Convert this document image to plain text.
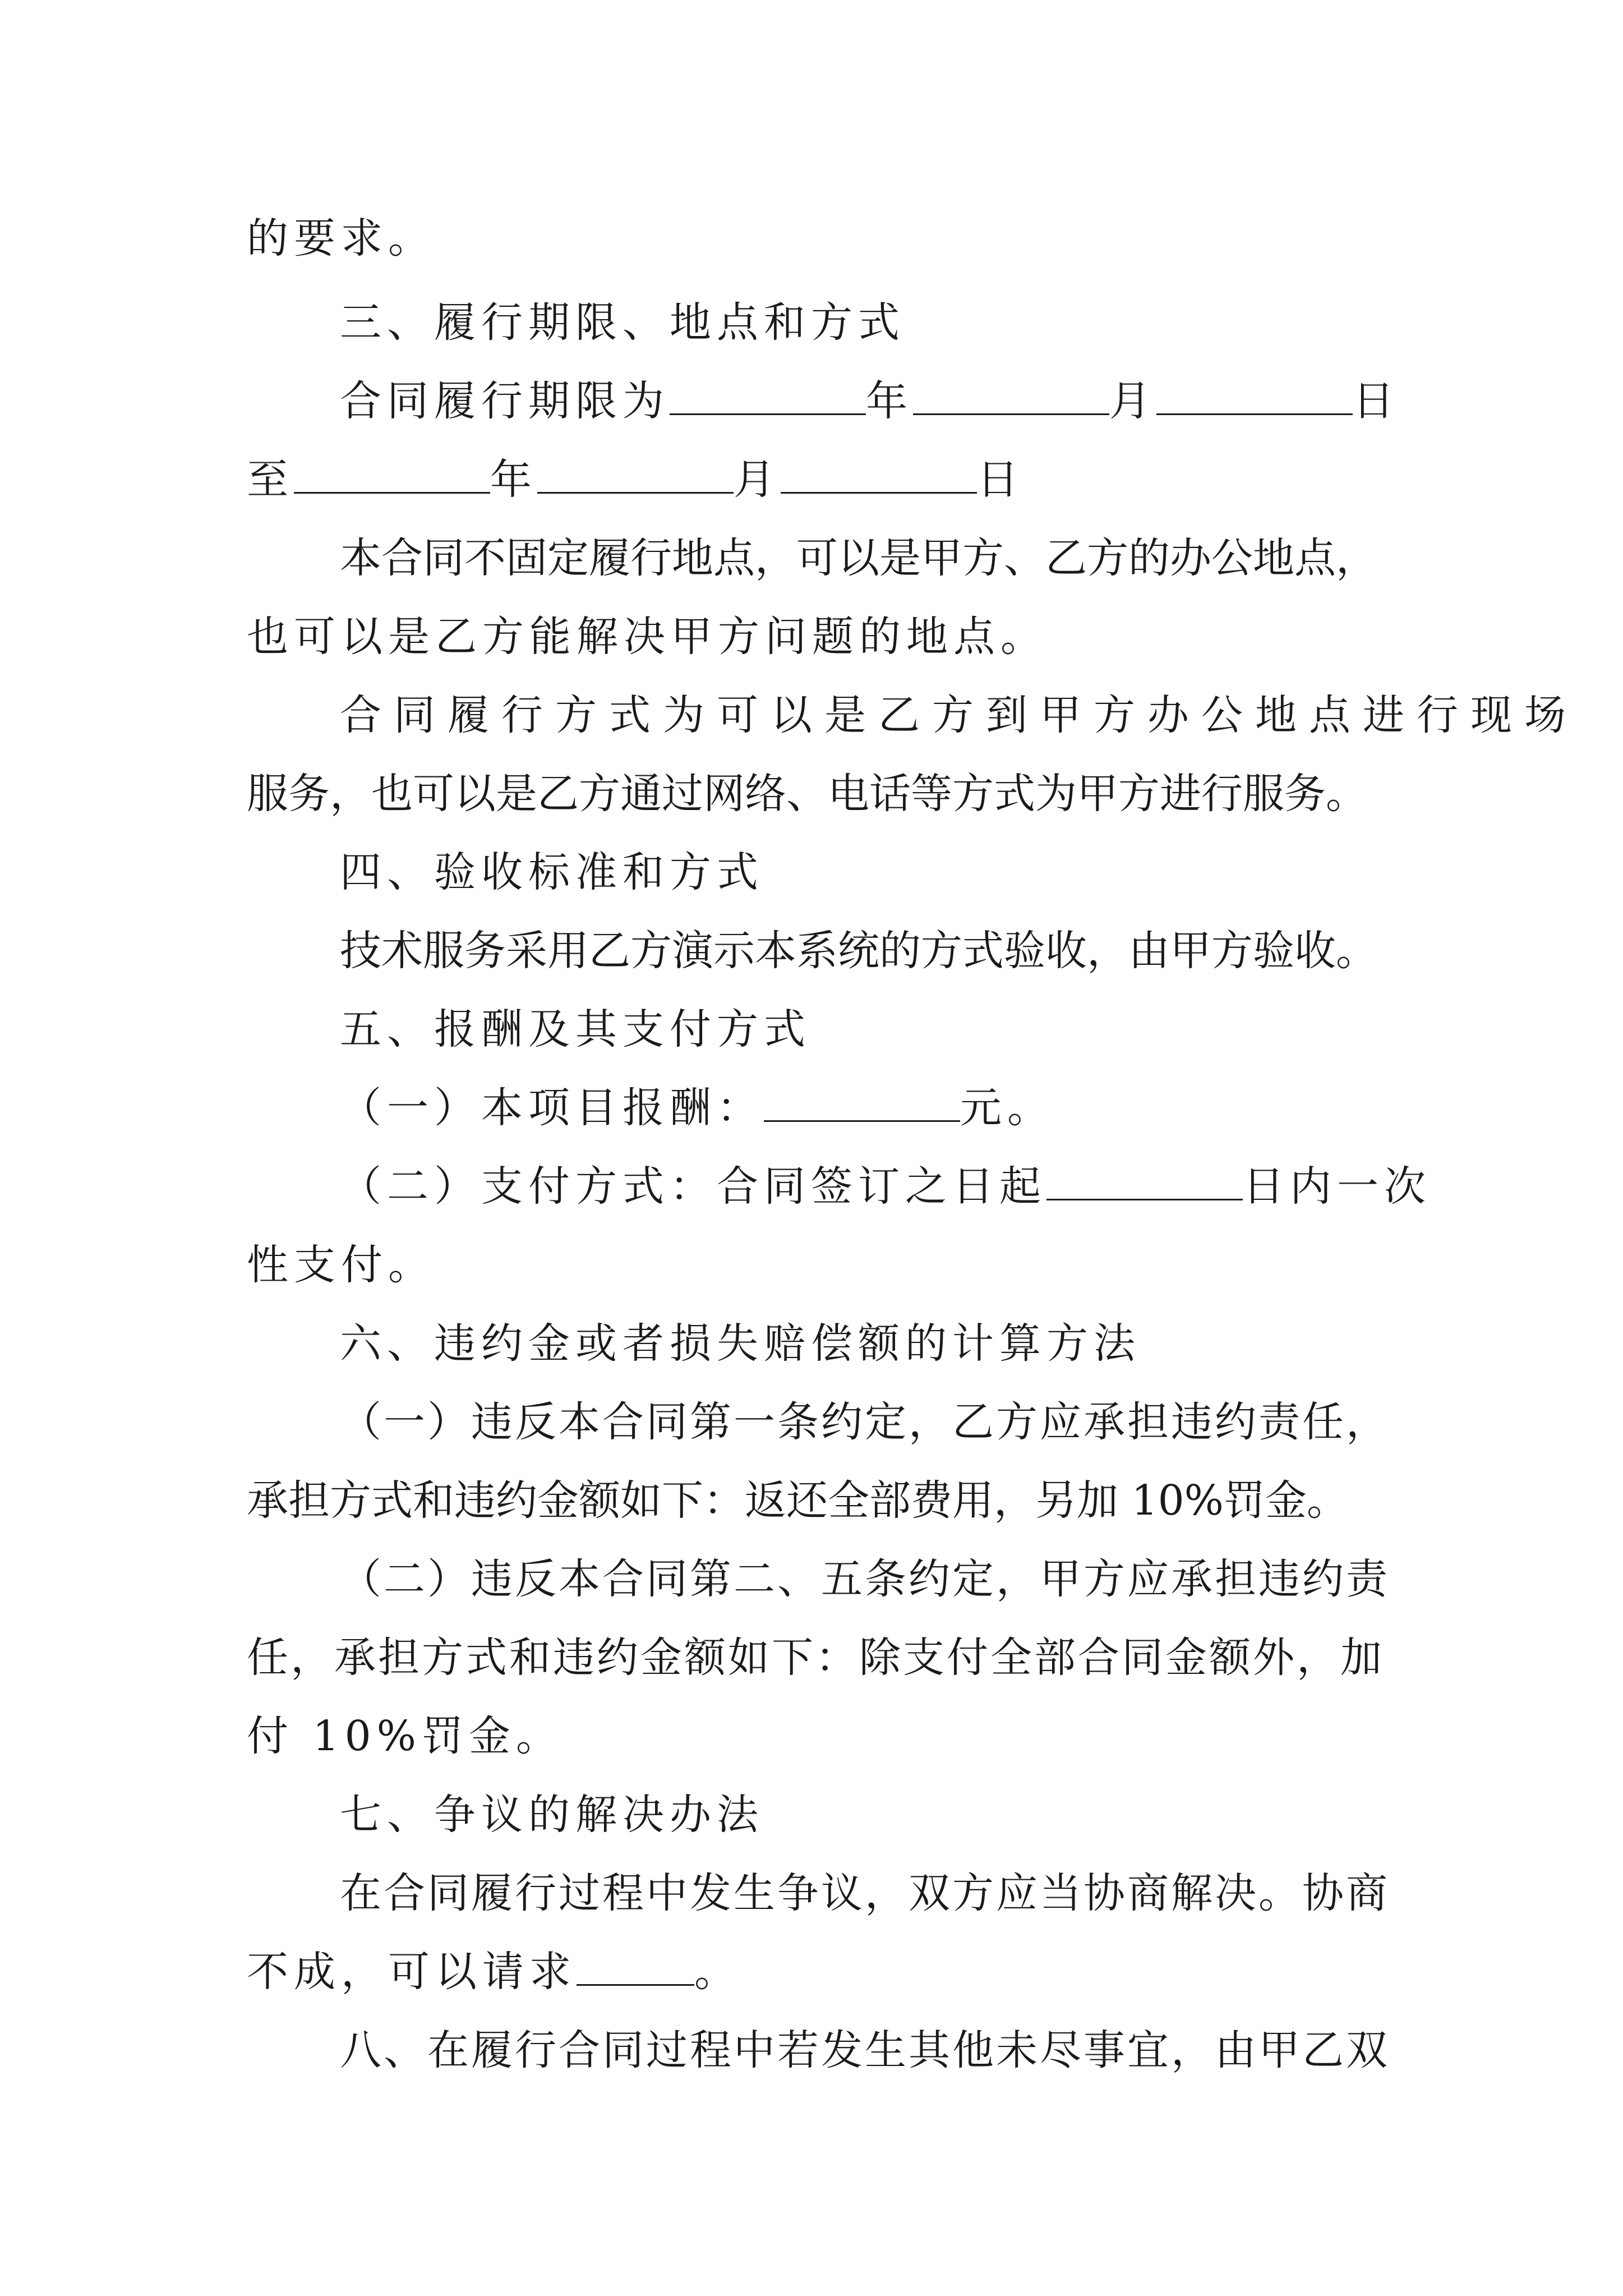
的要求。
三、履行期限、地点和方式
合同履行期限为	年	月	日
至	年	月	日
本合同不固定履行地点，可以是甲方、乙方的办公地点，
也可以是乙方能解决甲方问题的地点。
合同履行方式为可以是乙方到甲方办公地点进行现场
服务，也可以是乙方通过网络、电话等方式为甲方进行服务。
四、验收标准和方式
技术服务采用乙方演示本系统的方式验收，由甲方验收。
五、报酬及其支付方式
（一）本项目报酬：	元。
（二）支付方式：合同签订之日起	日内一次
性支付。
六、违约金或者损失赔偿额的计算方法
（一）违反本合同第一条约定，乙方应承担违约责任，
承担方式和违约金额如下：返还全部费用，另加 10%罚金。
（二）违反本合同第二、五条约定，甲方应承担违约责
任，承担方式和违约金额如下：除支付全部合同金额外，加
付 10%罚金。
七、争议的解决办法
在合同履行过程中发生争议，双方应当协商解决。协商
不成，可以请求	。
八、在履行合同过程中若发生其他未尽事宜，由甲乙双
